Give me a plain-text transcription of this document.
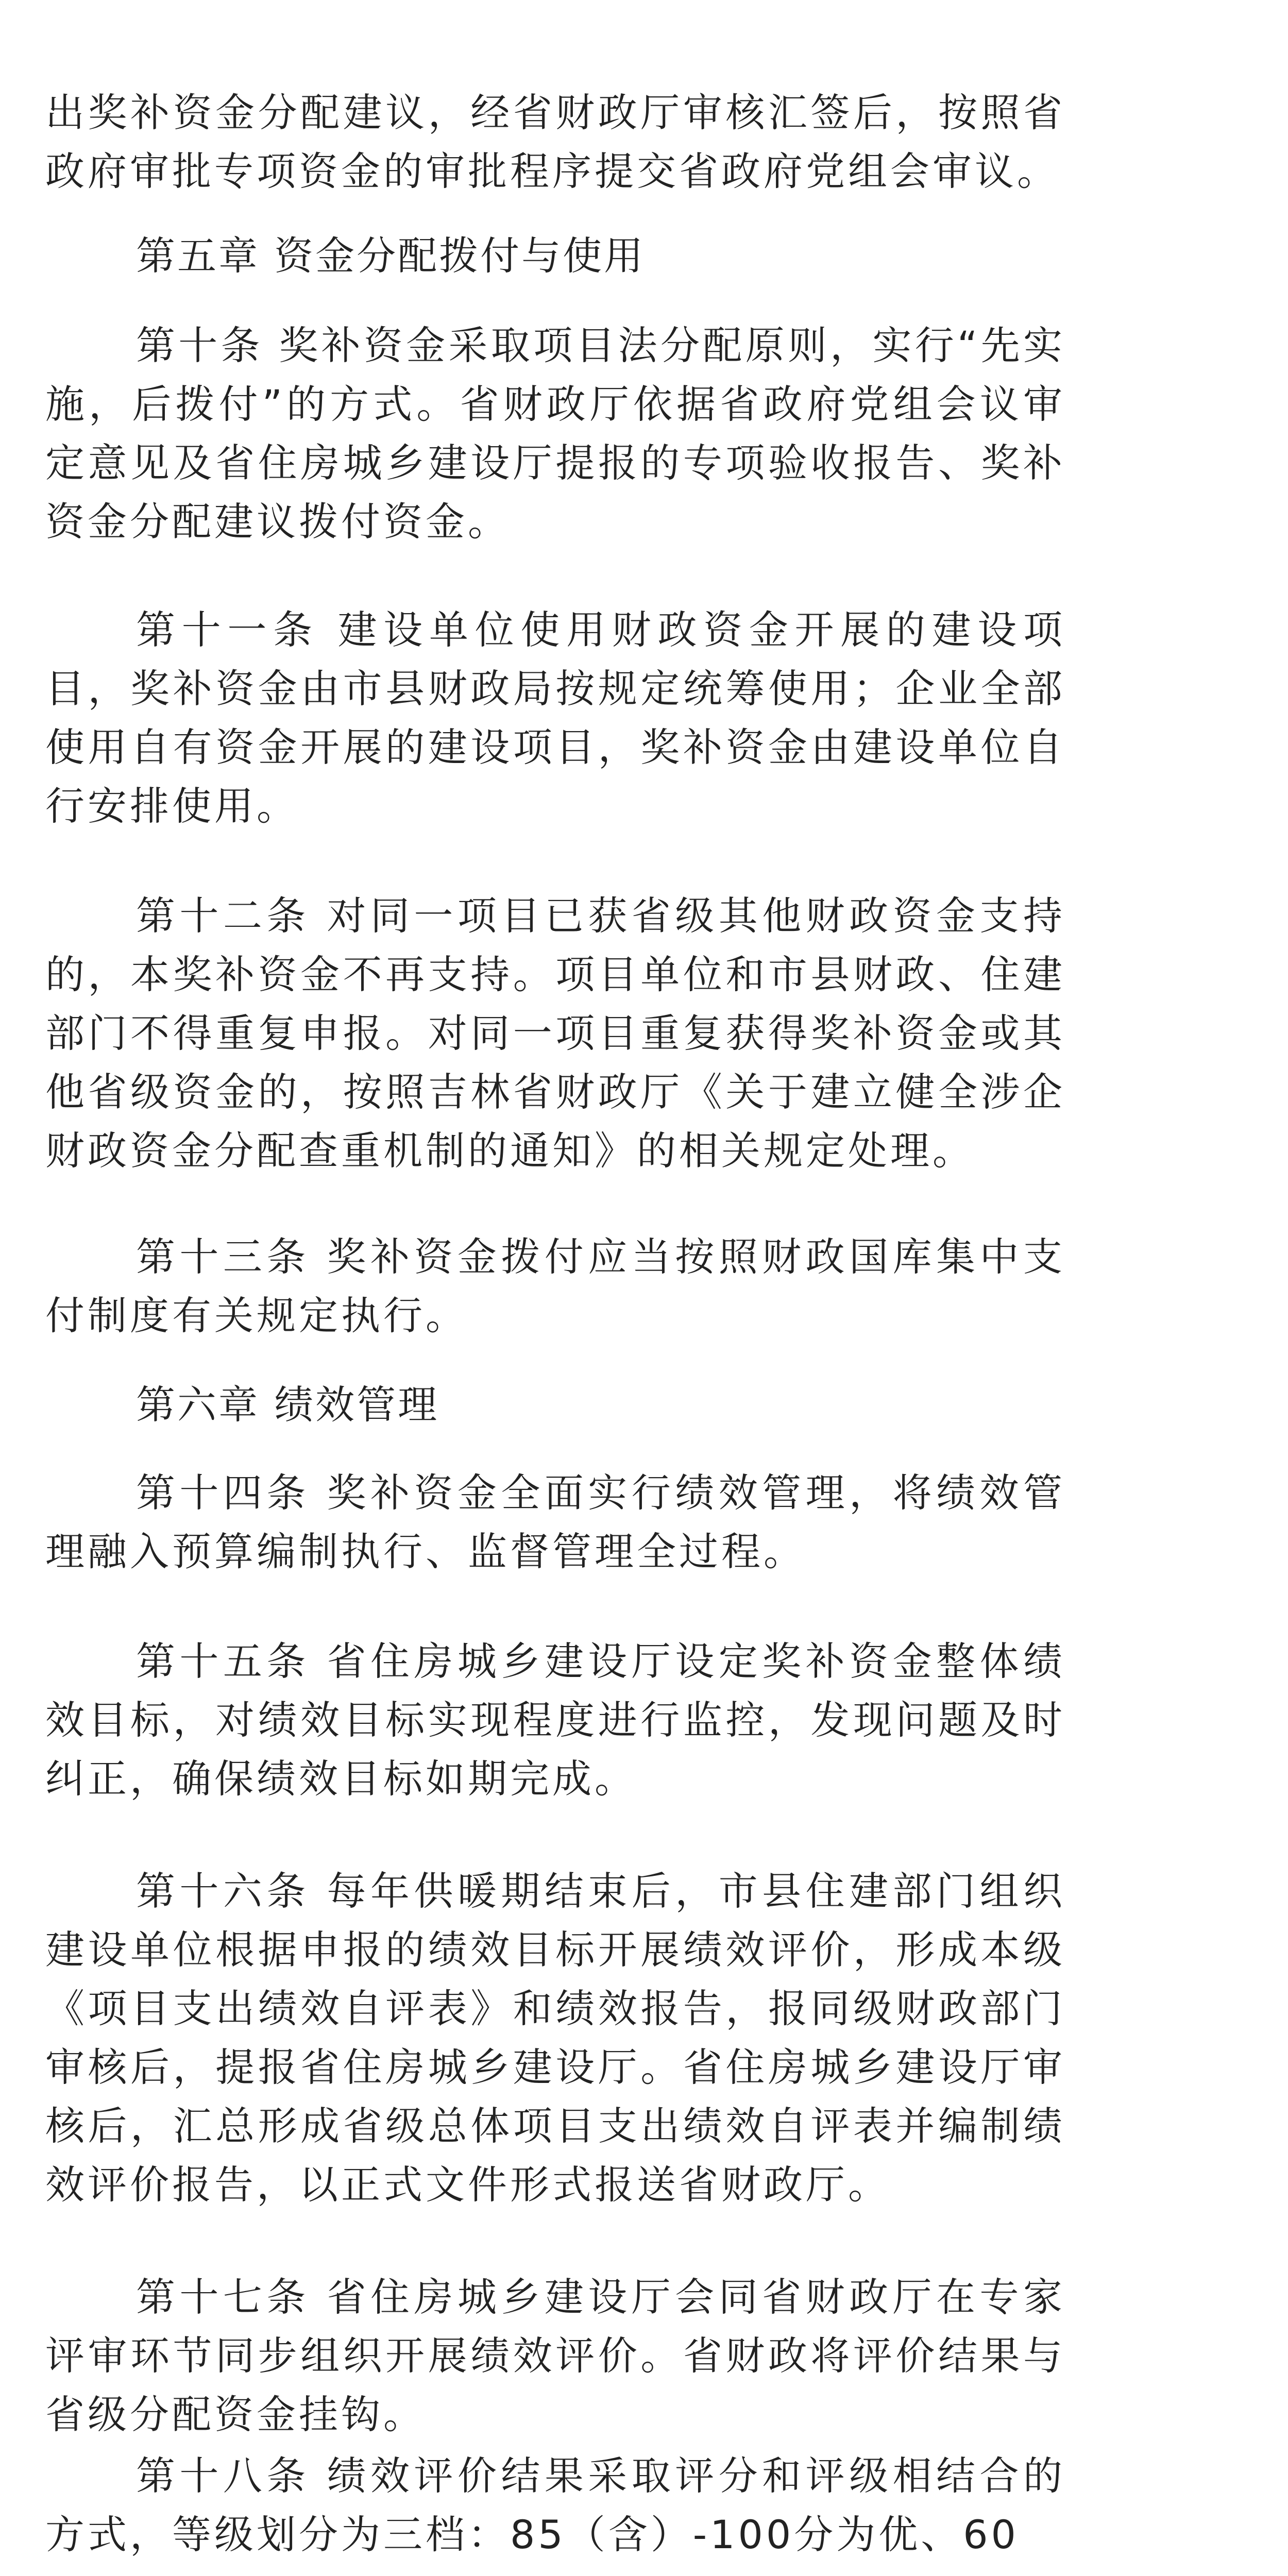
出奖补资金分配建议，经省财政厅审核汇签后，按照省政府审批专项资金的审批程序提交省政府党组会审议。

第五章 资金分配拨付与使用

第十条 奖补资金采取项目法分配原则，实行“先实施，后拨付”的方式。省财政厅依据省政府党组会议审定意见及省住房城乡建设厅提报的专项验收报告、奖补资金分配建议拨付资金。

第十一条 建设单位使用财政资金开展的建设项目，奖补资金由市县财政局按规定统筹使用；企业全部使用自有资金开展的建设项目，奖补资金由建设单位自行安排使用。

第十二条 对同一项目已获省级其他财政资金支持的，本奖补资金不再支持。项目单位和市县财政、住建部门不得重复申报。对同一项目重复获得奖补资金或其他省级资金的，按照吉林省财政厅《关于建立健全涉企财政资金分配查重机制的通知》的相关规定处理。

第十三条 奖补资金拨付应当按照财政国库集中支付制度有关规定执行。

第六章 绩效管理

第十四条 奖补资金全面实行绩效管理，将绩效管理融入预算编制执行、监督管理全过程。

第十五条 省住房城乡建设厅设定奖补资金整体绩效目标，对绩效目标实现程度进行监控，发现问题及时纠正，确保绩效目标如期完成。

第十六条 每年供暖期结束后，市县住建部门组织建设单位根据申报的绩效目标开展绩效评价，形成本级《项目支出绩效自评表》和绩效报告，报同级财政部门审核后，提报省住房城乡建设厅。省住房城乡建设厅审核后，汇总形成省级总体项目支出绩效自评表并编制绩效评价报告，以正式文件形式报送省财政厅。

第十七条 省住房城乡建设厅会同省财政厅在专家评审环节同步组织开展绩效评价。省财政将评价结果与省级分配资金挂钩。

第十八条 绩效评价结果采取评分和评级相结合的方式，等级划分为三档：85（含）-100分为优、60
